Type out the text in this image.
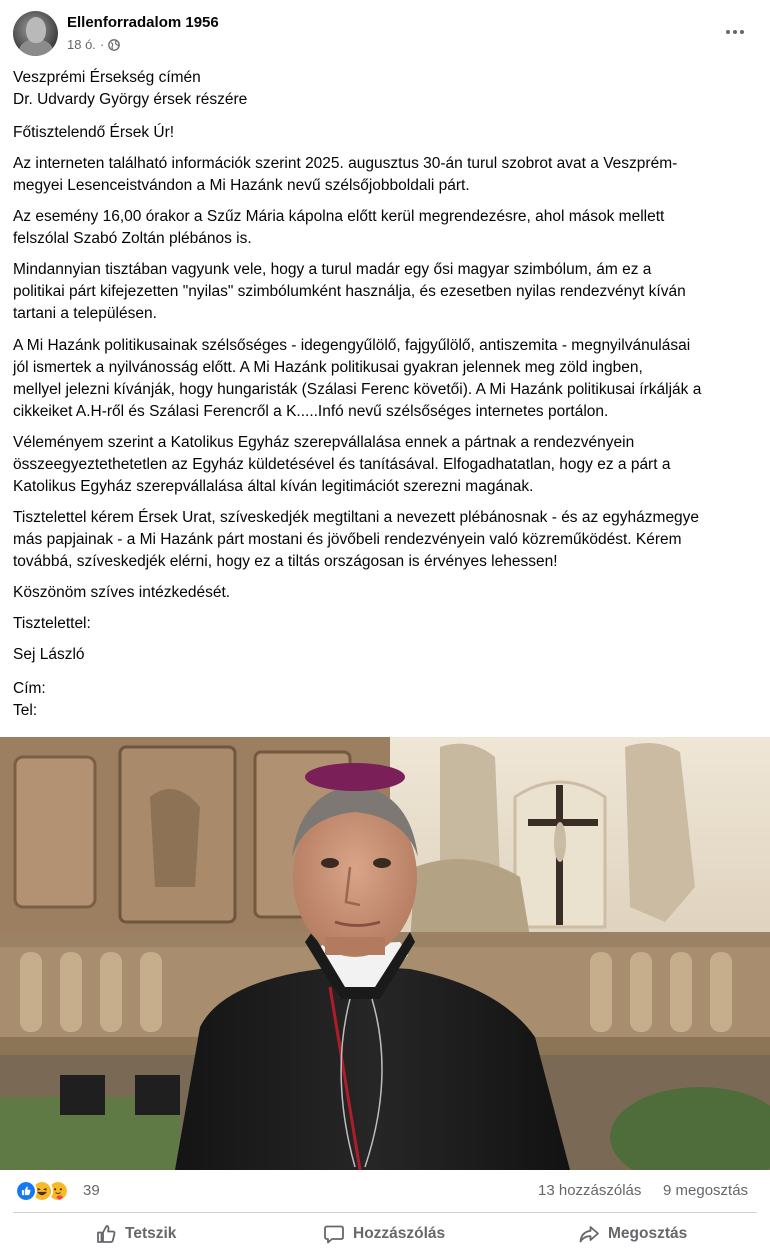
Ellenforradalom 1956
18 ó. ·

Veszprémi Érsekség címén
Dr. Udvardy György érsek részére

Főtisztelendő Érsek Úr!

Az interneten található információk szerint 2025. augusztus 30-án turul szobrot avat a Veszprém-
megyei Lesenceistvándon a Mi Hazánk nevű szélsőjobboldali párt.

Az esemény 16,00 órakor a Szűz Mária kápolna előtt kerül megrendezésre, ahol mások mellett
felszólal Szabó Zoltán plébános is.

Mindannyian tisztában vagyunk vele, hogy a turul madár egy ősi magyar szimbólum, ám ez a
politikai párt kifejezetten "nyilas" szimbólumként használja, és ezesetben nyilas rendezvényt kíván
tartani a településen.

A Mi Hazánk politikusainak szélsőséges - idegengyűlölő, fajgyűlölő, antiszemita - megnyilvánulásai
jól ismertek a nyilvánosság előtt. A Mi Hazánk politikusai gyakran jelennek meg zöld ingben,
mellyel jelezni kívánják, hogy hungaristák (Szálasi Ferenc követői). A Mi Hazánk politikusai írkálják a
cikkeiket A.H-ről és Szálasi Ferencről a K.....Infó nevű szélsőséges internetes portálon.

Véleményem szerint a Katolikus Egyház szerepvállalása ennek a pártnak a rendezvényein
összeegyeztethetetlen az Egyház küldetésével és tanításával. Elfogadhatatlan, hogy ez a párt a
Katolikus Egyház szerepvállalása által kíván legitimációt szerezni magának.

Tisztelettel kérem Érsek Urat, szíveskedjék megtiltani a nevezett plébánosnak - és az egyházmegye
más papjainak - a Mi Hazánk párt mostani és jövőbeli rendezvényein való közreműködést. Kérem
továbbá, szíveskedjék elérni, hogy ez a tiltás országosan is érvényes lehessen!

Köszönöm szíves intézkedését.

Tisztelettel:

Sej László

Cím:
Tel:

39	13 hozzászólás 9 megosztás
Tetszik	Hozzászólás	Megosztás
